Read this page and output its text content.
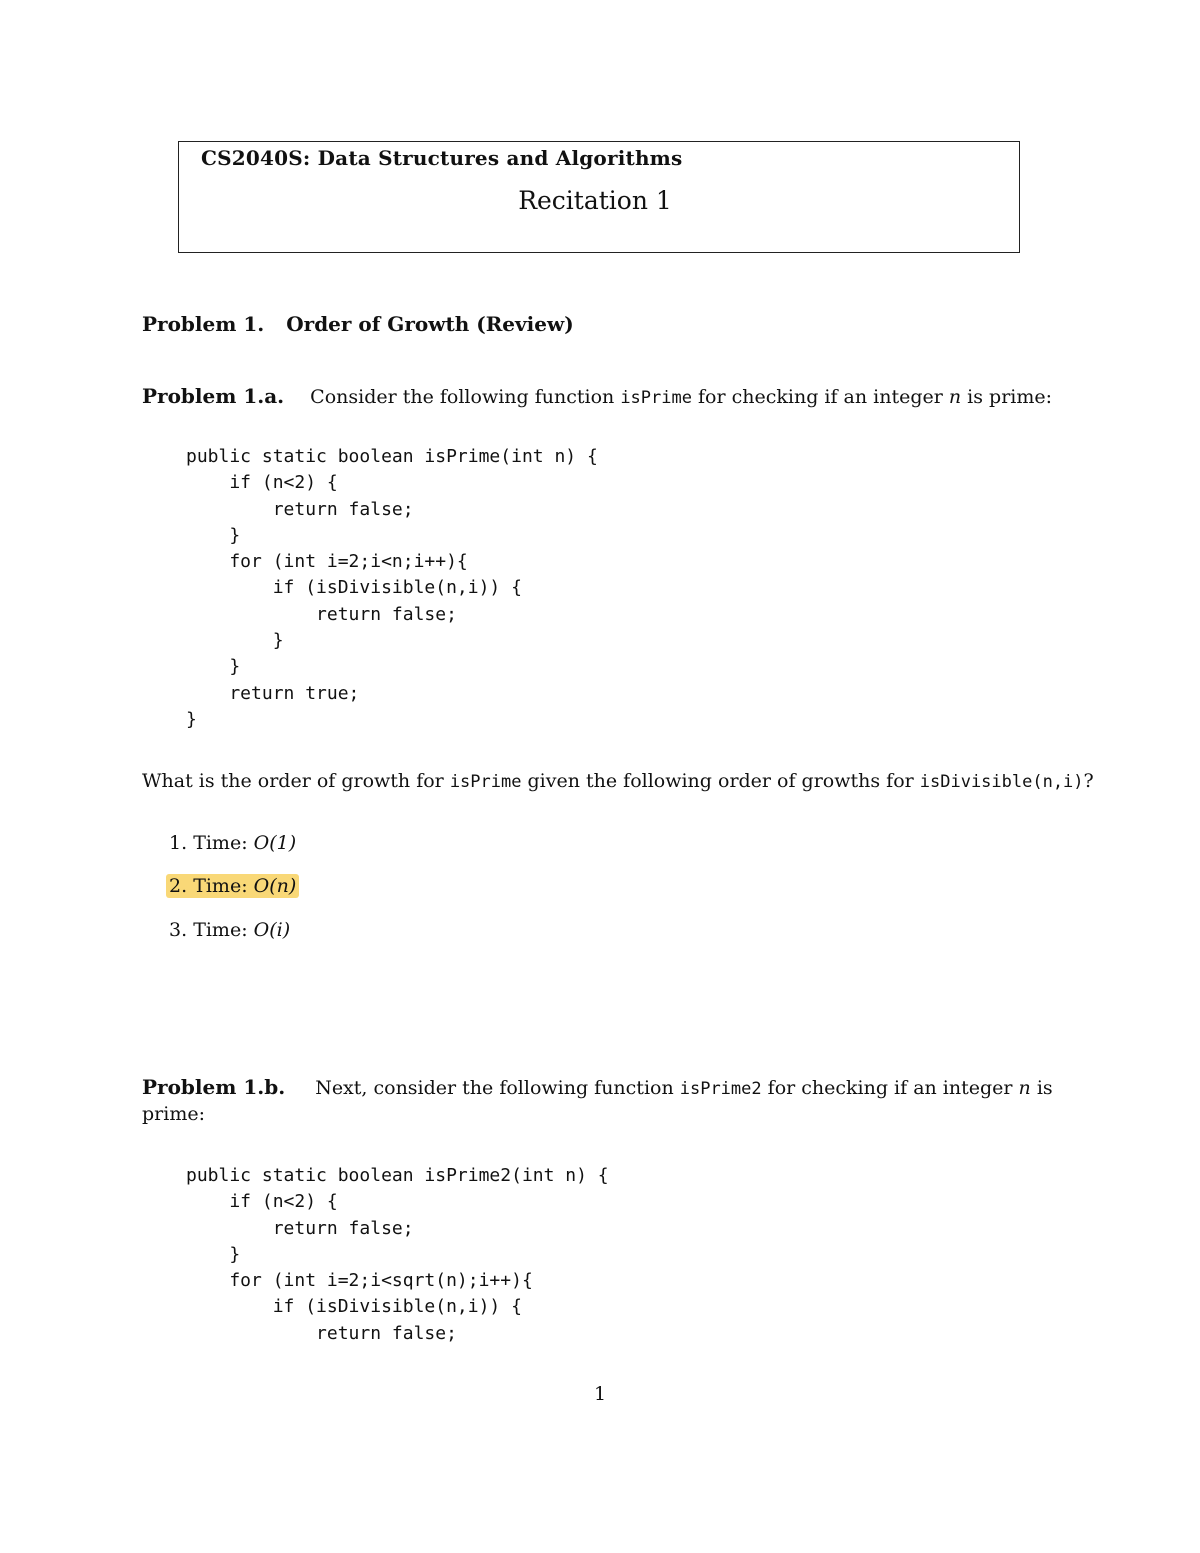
CS2040S: Data Structures and Algorithms
Recitation 1
Problem 1. Order of Growth (Review)
Problem 1.a. Consider the following function isPrime for checking if an integer n is prime:
public static boolean isPrime(int n) {
if (n<2) {
return false;
}
for (int i=2;i<n;i++){
if (isDivisible(n,i)) {
return false;
}
}
return true;
}
What is the order of growth for isPrime given the following order of growths for isDivisible(n,i)?
1. Time: O(1)
2. Time: O(n)
3. Time: O(i)
Problem 1.b. Next, consider the following function isPrime2 for checking if an integer n is
prime:
public static boolean isPrime2(int n) {
if (n<2) {
return false;
}
for (int i=2;i<sqrt(n);i++){
if (isDivisible(n,i)) {
return false;
1
